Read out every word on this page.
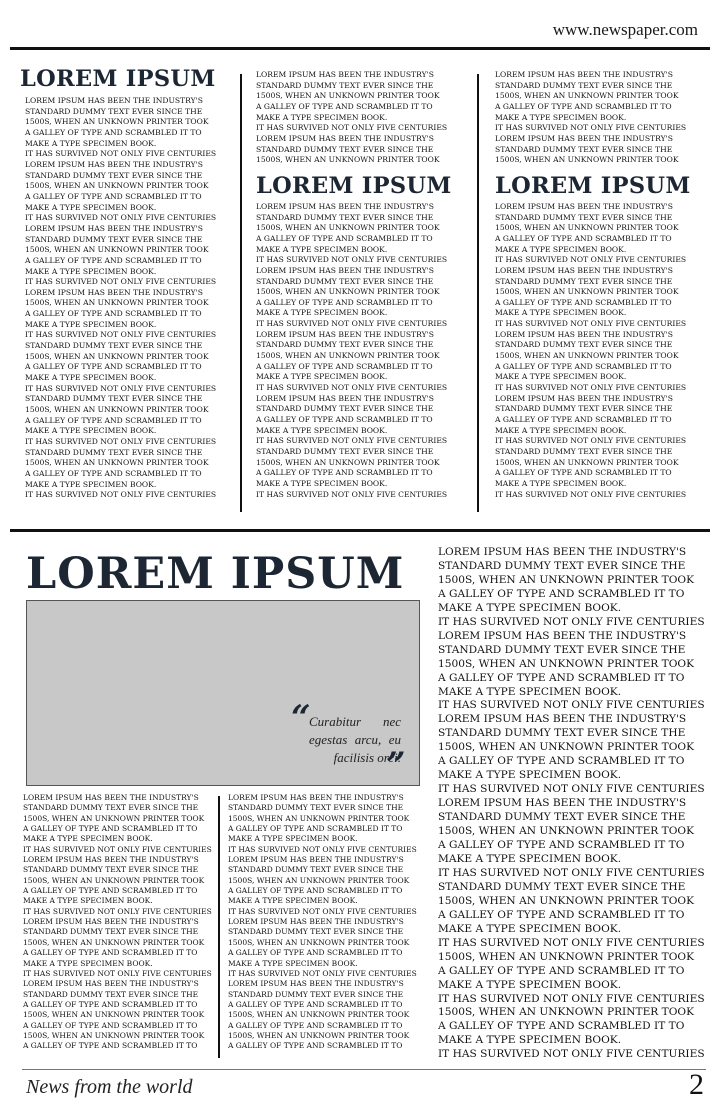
www.newspaper.com
LOREM IPSUM
LOREM IPSUM HAS BEEN THE INDUSTRY'S
STANDARD DUMMY TEXT EVER SINCE THE
1500S, WHEN AN UNKNOWN PRINTER TOOK
A GALLEY OF TYPE AND SCRAMBLED IT TO
MAKE A TYPE SPECIMEN BOOK.
IT HAS SURVIVED NOT ONLY FIVE CENTURIES
LOREM IPSUM HAS BEEN THE INDUSTRY'S
STANDARD DUMMY TEXT EVER SINCE THE
1500S, WHEN AN UNKNOWN PRINTER TOOK
A GALLEY OF TYPE AND SCRAMBLED IT TO
MAKE A TYPE SPECIMEN BOOK.
IT HAS SURVIVED NOT ONLY FIVE CENTURIES
LOREM IPSUM HAS BEEN THE INDUSTRY'S
STANDARD DUMMY TEXT EVER SINCE THE
1500S, WHEN AN UNKNOWN PRINTER TOOK
A GALLEY OF TYPE AND SCRAMBLED IT TO
MAKE A TYPE SPECIMEN BOOK.
IT HAS SURVIVED NOT ONLY FIVE CENTURIES
LOREM IPSUM HAS BEEN THE INDUSTRY'S
1500S, WHEN AN UNKNOWN PRINTER TOOK
A GALLEY OF TYPE AND SCRAMBLED IT TO
MAKE A TYPE SPECIMEN BOOK.
IT HAS SURVIVED NOT ONLY FIVE CENTURIES
STANDARD DUMMY TEXT EVER SINCE THE
1500S, WHEN AN UNKNOWN PRINTER TOOK
A GALLEY OF TYPE AND SCRAMBLED IT TO
MAKE A TYPE SPECIMEN BOOK.
IT HAS SURVIVED NOT ONLY FIVE CENTURIES
STANDARD DUMMY TEXT EVER SINCE THE
1500S, WHEN AN UNKNOWN PRINTER TOOK
A GALLEY OF TYPE AND SCRAMBLED IT TO
MAKE A TYPE SPECIMEN BOOK.
IT HAS SURVIVED NOT ONLY FIVE CENTURIES
STANDARD DUMMY TEXT EVER SINCE THE
1500S, WHEN AN UNKNOWN PRINTER TOOK
A GALLEY OF TYPE AND SCRAMBLED IT TO
MAKE A TYPE SPECIMEN BOOK.
IT HAS SURVIVED NOT ONLY FIVE CENTURIES
LOREM IPSUM HAS BEEN THE INDUSTRY'S
STANDARD DUMMY TEXT EVER SINCE THE
1500S, WHEN AN UNKNOWN PRINTER TOOK
A GALLEY OF TYPE AND SCRAMBLED IT TO
MAKE A TYPE SPECIMEN BOOK.
IT HAS SURVIVED NOT ONLY FIVE CENTURIES
LOREM IPSUM HAS BEEN THE INDUSTRY'S
STANDARD DUMMY TEXT EVER SINCE THE
1500S, WHEN AN UNKNOWN PRINTER TOOK
LOREM IPSUM
LOREM IPSUM HAS BEEN THE INDUSTRY'S
STANDARD DUMMY TEXT EVER SINCE THE
1500S, WHEN AN UNKNOWN PRINTER TOOK
A GALLEY OF TYPE AND SCRAMBLED IT TO
MAKE A TYPE SPECIMEN BOOK.
IT HAS SURVIVED NOT ONLY FIVE CENTURIES
LOREM IPSUM HAS BEEN THE INDUSTRY'S
STANDARD DUMMY TEXT EVER SINCE THE
1500S, WHEN AN UNKNOWN PRINTER TOOK
A GALLEY OF TYPE AND SCRAMBLED IT TO
MAKE A TYPE SPECIMEN BOOK.
IT HAS SURVIVED NOT ONLY FIVE CENTURIES
LOREM IPSUM HAS BEEN THE INDUSTRY'S
STANDARD DUMMY TEXT EVER SINCE THE
1500S, WHEN AN UNKNOWN PRINTER TOOK
A GALLEY OF TYPE AND SCRAMBLED IT TO
MAKE A TYPE SPECIMEN BOOK.
IT HAS SURVIVED NOT ONLY FIVE CENTURIES
LOREM IPSUM HAS BEEN THE INDUSTRY'S
STANDARD DUMMY TEXT EVER SINCE THE
A GALLEY OF TYPE AND SCRAMBLED IT TO
MAKE A TYPE SPECIMEN BOOK.
IT HAS SURVIVED NOT ONLY FIVE CENTURIES
STANDARD DUMMY TEXT EVER SINCE THE
1500S, WHEN AN UNKNOWN PRINTER TOOK
A GALLEY OF TYPE AND SCRAMBLED IT TO
MAKE A TYPE SPECIMEN BOOK.
IT HAS SURVIVED NOT ONLY FIVE CENTURIES
LOREM IPSUM HAS BEEN THE INDUSTRY'S
STANDARD DUMMY TEXT EVER SINCE THE
1500S, WHEN AN UNKNOWN PRINTER TOOK
A GALLEY OF TYPE AND SCRAMBLED IT TO
MAKE A TYPE SPECIMEN BOOK.
IT HAS SURVIVED NOT ONLY FIVE CENTURIES
LOREM IPSUM HAS BEEN THE INDUSTRY'S
STANDARD DUMMY TEXT EVER SINCE THE
1500S, WHEN AN UNKNOWN PRINTER TOOK
LOREM IPSUM
LOREM IPSUM HAS BEEN THE INDUSTRY'S
STANDARD DUMMY TEXT EVER SINCE THE
1500S, WHEN AN UNKNOWN PRINTER TOOK
A GALLEY OF TYPE AND SCRAMBLED IT TO
MAKE A TYPE SPECIMEN BOOK.
IT HAS SURVIVED NOT ONLY FIVE CENTURIES
LOREM IPSUM HAS BEEN THE INDUSTRY'S
STANDARD DUMMY TEXT EVER SINCE THE
1500S, WHEN AN UNKNOWN PRINTER TOOK
A GALLEY OF TYPE AND SCRAMBLED IT TO
MAKE A TYPE SPECIMEN BOOK.
IT HAS SURVIVED NOT ONLY FIVE CENTURIES
LOREM IPSUM HAS BEEN THE INDUSTRY'S
STANDARD DUMMY TEXT EVER SINCE THE
1500S, WHEN AN UNKNOWN PRINTER TOOK
A GALLEY OF TYPE AND SCRAMBLED IT TO
MAKE A TYPE SPECIMEN BOOK.
IT HAS SURVIVED NOT ONLY FIVE CENTURIES
LOREM IPSUM HAS BEEN THE INDUSTRY'S
STANDARD DUMMY TEXT EVER SINCE THE
A GALLEY OF TYPE AND SCRAMBLED IT TO
MAKE A TYPE SPECIMEN BOOK.
IT HAS SURVIVED NOT ONLY FIVE CENTURIES
STANDARD DUMMY TEXT EVER SINCE THE
1500S, WHEN AN UNKNOWN PRINTER TOOK
A GALLEY OF TYPE AND SCRAMBLED IT TO
MAKE A TYPE SPECIMEN BOOK.
IT HAS SURVIVED NOT ONLY FIVE CENTURIES
LOREM IPSUM
“
Curabitur nec egestas arcu, eu facilisis orci.
”
LOREM IPSUM HAS BEEN THE INDUSTRY'S
STANDARD DUMMY TEXT EVER SINCE THE
1500S, WHEN AN UNKNOWN PRINTER TOOK
A GALLEY OF TYPE AND SCRAMBLED IT TO
MAKE A TYPE SPECIMEN BOOK.
IT HAS SURVIVED NOT ONLY FIVE CENTURIES
LOREM IPSUM HAS BEEN THE INDUSTRY'S
STANDARD DUMMY TEXT EVER SINCE THE
1500S, WHEN AN UNKNOWN PRINTER TOOK
A GALLEY OF TYPE AND SCRAMBLED IT TO
MAKE A TYPE SPECIMEN BOOK.
IT HAS SURVIVED NOT ONLY FIVE CENTURIES
LOREM IPSUM HAS BEEN THE INDUSTRY'S
STANDARD DUMMY TEXT EVER SINCE THE
1500S, WHEN AN UNKNOWN PRINTER TOOK
A GALLEY OF TYPE AND SCRAMBLED IT TO
MAKE A TYPE SPECIMEN BOOK.
IT HAS SURVIVED NOT ONLY FIVE CENTURIES
LOREM IPSUM HAS BEEN THE INDUSTRY'S
STANDARD DUMMY TEXT EVER SINCE THE
1500S, WHEN AN UNKNOWN PRINTER TOOK
A GALLEY OF TYPE AND SCRAMBLED IT TO
MAKE A TYPE SPECIMEN BOOK.
IT HAS SURVIVED NOT ONLY FIVE CENTURIES
STANDARD DUMMY TEXT EVER SINCE THE
1500S, WHEN AN UNKNOWN PRINTER TOOK
A GALLEY OF TYPE AND SCRAMBLED IT TO
MAKE A TYPE SPECIMEN BOOK.
IT HAS SURVIVED NOT ONLY FIVE CENTURIES
1500S, WHEN AN UNKNOWN PRINTER TOOK
A GALLEY OF TYPE AND SCRAMBLED IT TO
MAKE A TYPE SPECIMEN BOOK.
IT HAS SURVIVED NOT ONLY FIVE CENTURIES
1500S, WHEN AN UNKNOWN PRINTER TOOK
A GALLEY OF TYPE AND SCRAMBLED IT TO
MAKE A TYPE SPECIMEN BOOK.
IT HAS SURVIVED NOT ONLY FIVE CENTURIES
LOREM IPSUM HAS BEEN THE INDUSTRY'S
STANDARD DUMMY TEXT EVER SINCE THE
1500S, WHEN AN UNKNOWN PRINTER TOOK
A GALLEY OF TYPE AND SCRAMBLED IT TO
MAKE A TYPE SPECIMEN BOOK.
IT HAS SURVIVED NOT ONLY FIVE CENTURIES
LOREM IPSUM HAS BEEN THE INDUSTRY'S
STANDARD DUMMY TEXT EVER SINCE THE
1500S, WHEN AN UNKNOWN PRINTER TOOK
A GALLEY OF TYPE AND SCRAMBLED IT TO
MAKE A TYPE SPECIMEN BOOK.
IT HAS SURVIVED NOT ONLY FIVE CENTURIES
LOREM IPSUM HAS BEEN THE INDUSTRY'S
STANDARD DUMMY TEXT EVER SINCE THE
1500S, WHEN AN UNKNOWN PRINTER TOOK
A GALLEY OF TYPE AND SCRAMBLED IT TO
MAKE A TYPE SPECIMEN BOOK.
IT HAS SURVIVED NOT ONLY FIVE CENTURIES
LOREM IPSUM HAS BEEN THE INDUSTRY'S
STANDARD DUMMY TEXT EVER SINCE THE
A GALLEY OF TYPE AND SCRAMBLED IT TO
1500S, WHEN AN UNKNOWN PRINTER TOOK
A GALLEY OF TYPE AND SCRAMBLED IT TO
1500S, WHEN AN UNKNOWN PRINTER TOOK
A GALLEY OF TYPE AND SCRAMBLED IT TO
LOREM IPSUM HAS BEEN THE INDUSTRY'S
STANDARD DUMMY TEXT EVER SINCE THE
1500S, WHEN AN UNKNOWN PRINTER TOOK
A GALLEY OF TYPE AND SCRAMBLED IT TO
MAKE A TYPE SPECIMEN BOOK.
IT HAS SURVIVED NOT ONLY FIVE CENTURIES
LOREM IPSUM HAS BEEN THE INDUSTRY'S
STANDARD DUMMY TEXT EVER SINCE THE
1500S, WHEN AN UNKNOWN PRINTER TOOK
A GALLEY OF TYPE AND SCRAMBLED IT TO
MAKE A TYPE SPECIMEN BOOK.
IT HAS SURVIVED NOT ONLY FIVE CENTURIES
LOREM IPSUM HAS BEEN THE INDUSTRY'S
STANDARD DUMMY TEXT EVER SINCE THE
1500S, WHEN AN UNKNOWN PRINTER TOOK
A GALLEY OF TYPE AND SCRAMBLED IT TO
MAKE A TYPE SPECIMEN BOOK.
IT HAS SURVIVED NOT ONLY FIVE CENTURIES
LOREM IPSUM HAS BEEN THE INDUSTRY'S
STANDARD DUMMY TEXT EVER SINCE THE
A GALLEY OF TYPE AND SCRAMBLED IT TO
1500S, WHEN AN UNKNOWN PRINTER TOOK
A GALLEY OF TYPE AND SCRAMBLED IT TO
1500S, WHEN AN UNKNOWN PRINTER TOOK
A GALLEY OF TYPE AND SCRAMBLED IT TO
News from the world	2
